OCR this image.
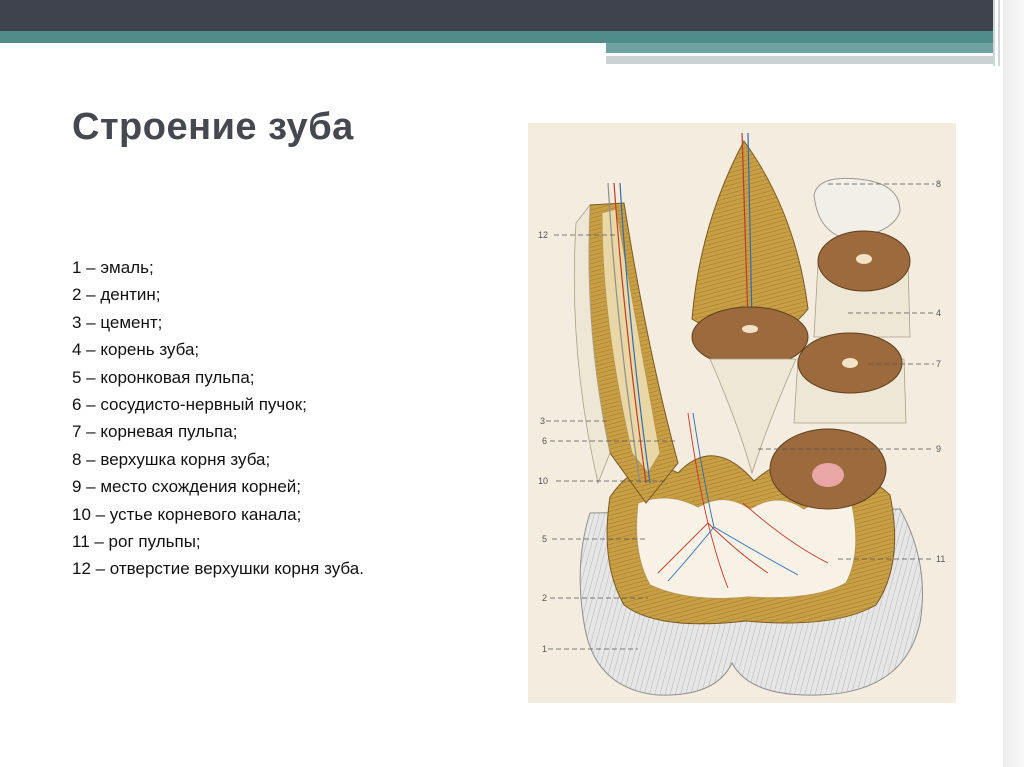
Строение зуба
1 – эмаль;
2 – дентин;
3 – цемент;
4 – корень зуба;
5 – коронковая пульпа;
6 – сосудисто-нервный пучок;
7 – корневая пульпа;
8 – верхушка корня зуба;
9 – место схождения корней;
10 – устье корневого канала;
11 – рог пульпы;
12 – отверстие верхушки корня зуба.
1
2
3
4
5
6
7
8
9
10
11
12
